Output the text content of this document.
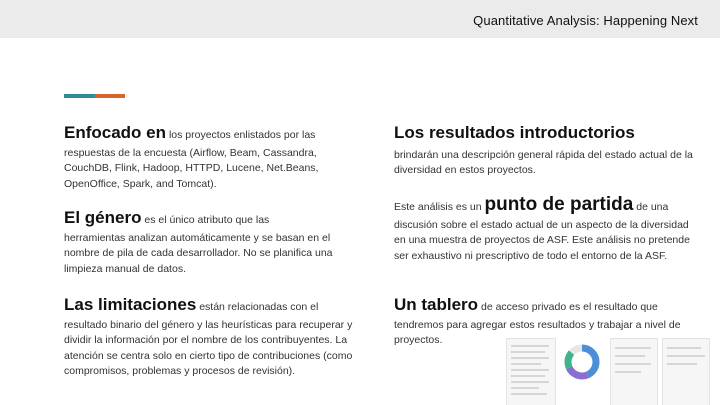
Quantitative Analysis: Happening Next
Enfocado en los proyectos enlistados por las
respuestas de la encuesta (Airflow, Beam, Cassandra, CouchDB, Flink, Hadoop, HTTPD, Lucene, Net.Beans, OpenOffice, Spark, and Tomcat).
El género es el único atributo que las
herramientas analizan automáticamente y se basan en el nombre de pila de cada desarrollador. No se planifica una limpieza manual de datos.
Las limitaciones están relacionadas con el
resultado binario del género y las heurísticas para recuperar y dividir la información por el nombre de los contribuyentes. La atención se centra solo en cierto tipo de contribuciones (como compromisos, problemas y procesos de revisión).
Los resultados introductorios
brindarán una descripción general rápida del estado actual de la diversidad en estos proyectos.
Este análisis es un punto de partida de una
discusión sobre el estado actual de un aspecto de la diversidad en una muestra de proyectos de ASF. Este análisis no pretende ser exhaustivo ni prescriptivo de todo el entorno de la ASF.
Un tablero de acceso privado es el resultado que
tendremos para agregar estos resultados y trabajar a nivel de proyectos.
